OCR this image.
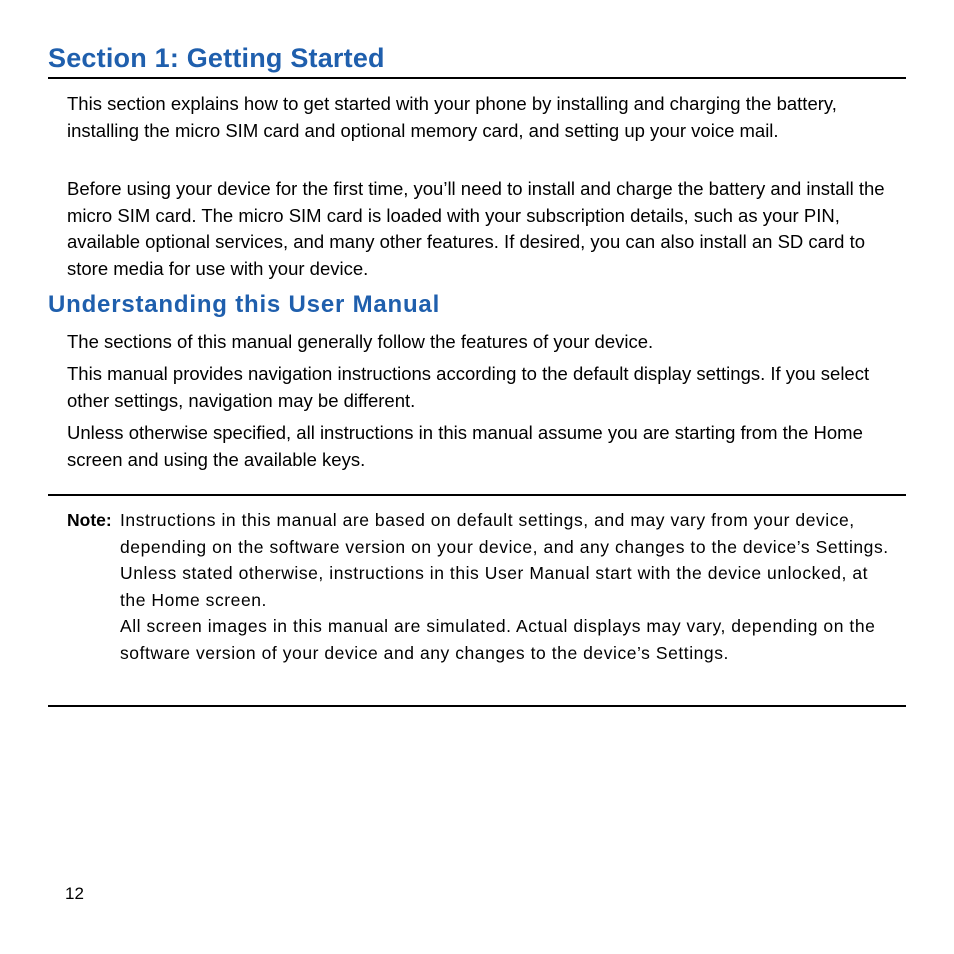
Section 1: Getting Started

This section explains how to get started with your phone by installing and charging the battery, installing the micro SIM card and optional memory card, and setting up your voice mail.

Before using your device for the first time, you’ll need to install and charge the battery and install the micro SIM card. The micro SIM card is loaded with your subscription details, such as your PIN, available optional services, and many other features. If desired, you can also install an SD card to store media for use with your device.

Understanding this User Manual

The sections of this manual generally follow the features of your device.

This manual provides navigation instructions according to the default display settings. If you select other settings, navigation may be different.

Unless otherwise specified, all instructions in this manual assume you are starting from the Home screen and using the available keys.

Note: Instructions in this manual are based on default settings, and may vary from your device, depending on the software version on your device, and any changes to the device’s Settings.

Unless stated otherwise, instructions in this User Manual start with the device unlocked, at the Home screen.

All screen images in this manual are simulated. Actual displays may vary, depending on the software version of your device and any changes to the device’s Settings.

12
